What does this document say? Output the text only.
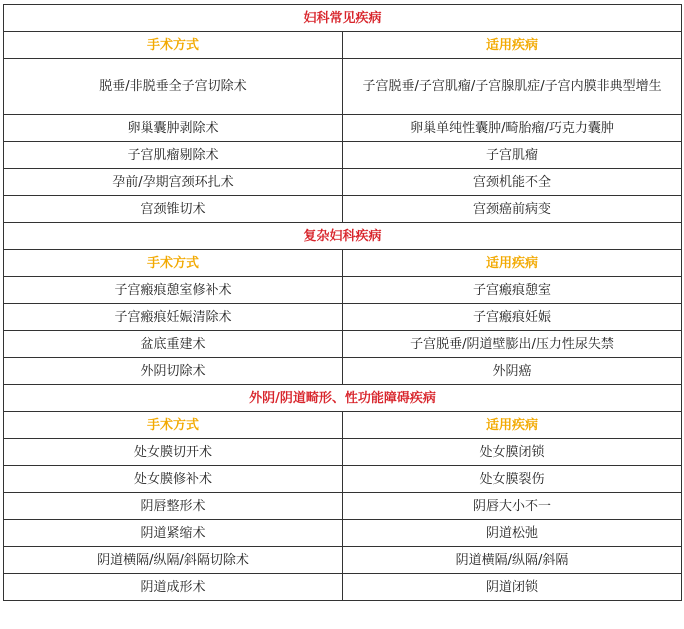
妇科常见疾病	
手术方式	适用疾病
脱垂/非脱垂全子宫切除术	子宫脱垂/子宫肌瘤/子宫腺肌症/子宫内膜非典型增生
卵巢囊肿剥除术	卵巢单纯性囊肿/畸胎瘤/巧克力囊肿
子宫肌瘤剔除术	子宫肌瘤
孕前/孕期宫颈环扎术	宫颈机能不全
宫颈锥切术	宫颈癌前病变
复杂妇科疾病	
手术方式	适用疾病
子宫瘢痕憩室修补术	子宫瘢痕憩室
子宫瘢痕妊娠清除术	子宫瘢痕妊娠
盆底重建术	子宫脱垂/阴道壁膨出/压力性尿失禁
外阴切除术	外阴癌
外阴/阴道畸形、性功能障碍疾病	
手术方式	适用疾病
处女膜切开术	处女膜闭锁
处女膜修补术	处女膜裂伤
阴唇整形术	阴唇大小不一
阴道紧缩术	阴道松弛
阴道横隔/纵隔/斜隔切除术	阴道横隔/纵隔/斜隔
阴道成形术	阴道闭锁
